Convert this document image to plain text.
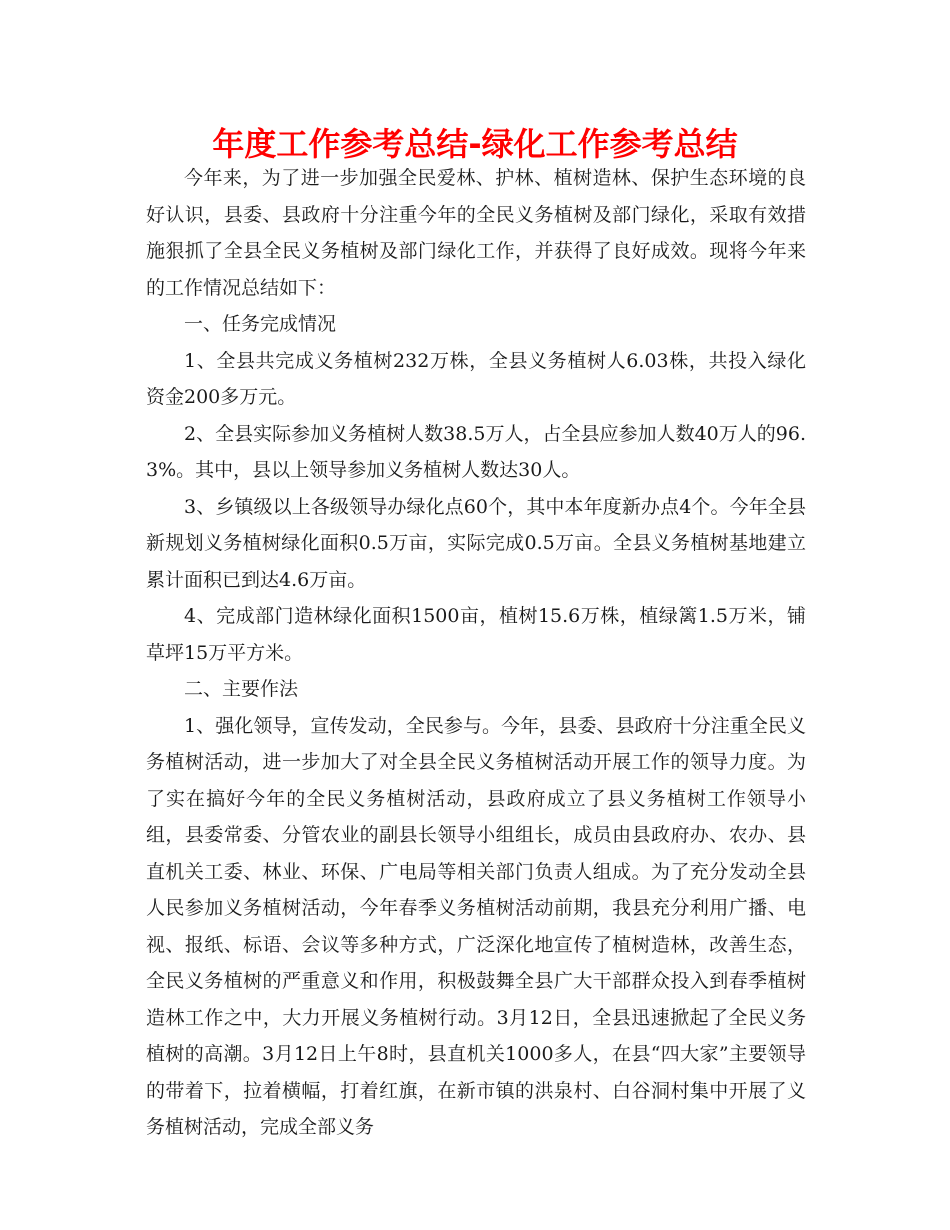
年度工作参考总结-绿化工作参考总结

今年来，为了进一步加强全民爱林、护林、植树造林、保护生态环境的良好认识，县委、县政府十分注重今年的全民义务植树及部门绿化，采取有效措施狠抓了全县全民义务植树及部门绿化工作，并获得了良好成效。现将今年来的工作情况总结如下：

一、任务完成情况

1、全县共完成义务植树232万株，全县义务植树人6.03株，共投入绿化资金200多万元。

2、全县实际参加义务植树人数38.5万人，占全县应参加人数40万人的96.3%。其中，县以上领导参加义务植树人数达30人。

3、乡镇级以上各级领导办绿化点60个，其中本年度新办点4个。今年全县新规划义务植树绿化面积0.5万亩，实际完成0.5万亩。全县义务植树基地建立累计面积已到达4.6万亩。

4、完成部门造林绿化面积1500亩，植树15.6万株，植绿篱1.5万米，铺草坪15万平方米。

二、主要作法

1、强化领导，宣传发动，全民参与。今年，县委、县政府十分注重全民义务植树活动，进一步加大了对全县全民义务植树活动开展工作的领导力度。为了实在搞好今年的全民义务植树活动，县政府成立了县义务植树工作领导小组，县委常委、分管农业的副县长领导小组组长，成员由县政府办、农办、县直机关工委、林业、环保、广电局等相关部门负责人组成。为了充分发动全县人民参加义务植树活动，今年春季义务植树活动前期，我县充分利用广播、电视、报纸、标语、会议等多种方式，广泛深化地宣传了植树造林，改善生态，全民义务植树的严重意义和作用，积极鼓舞全县广大干部群众投入到春季植树造林工作之中，大力开展义务植树行动。3月12日，全县迅速掀起了全民义务植树的高潮。3月12日上午8时，县直机关1000多人，在县“四大家”主要领导的带着下，拉着横幅，打着红旗，在新市镇的洪泉村、白谷洞村集中开展了义务植树活动，完成全部义务
